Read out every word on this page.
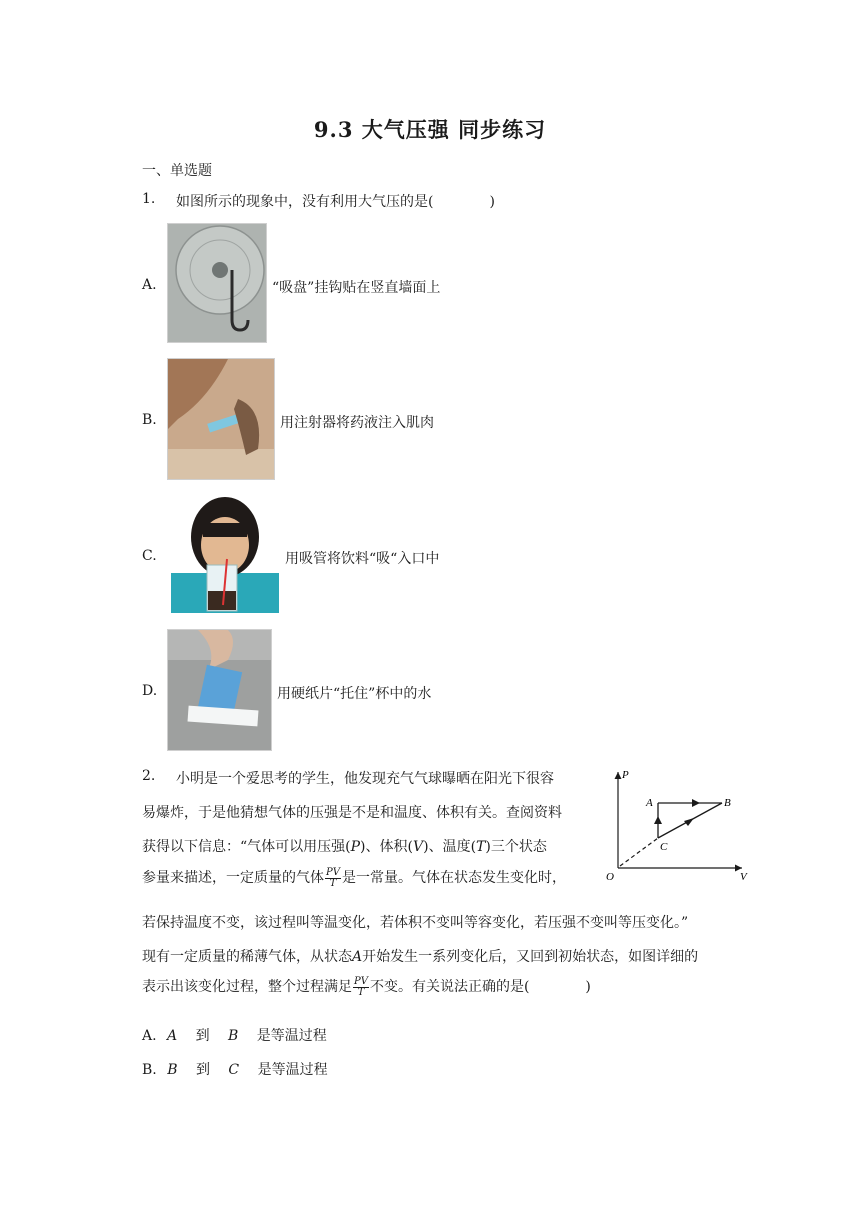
9.3 大气压强 同步练习
一、单选题
1. 如图所示的现象中，没有利用大气压的是(　　　　)
A.	“吸盘”挂钩贴在竖直墙面上
B.	用注射器将药液注入肌肉
C.	用吸管将饮料“吸“入口中
D.	用硬纸片“托住”杯中的水
2. 小明是一个爱思考的学生，他发现充气气球曝晒在阳光下很容
易爆炸，于是他猜想气体的压强是不是和温度、体积有关。查阅资料
获得以下信息：“气体可以用压强(P)、体积(V)、温度(T)三个状态
参量来描述，一定质量的气体 $\frac{PV}{T}$ 是一常量。气体在状态发生变化时，
若保持温度不变，该过程叫等温变化，若体积不变叫等容变化，若压强不变叫等压变化。”
现有一定质量的稀薄气体，从状态A开始发生一系列变化后，又回到初始状态，如图详细的
表示出该变化过程，整个过程满足 $\frac{PV}{T}$ 不变。有关说法正确的是(　　　　)
P
V
O
A	B
C
A. A 到 B 是等温过程
B. B 到 C 是等温过程
